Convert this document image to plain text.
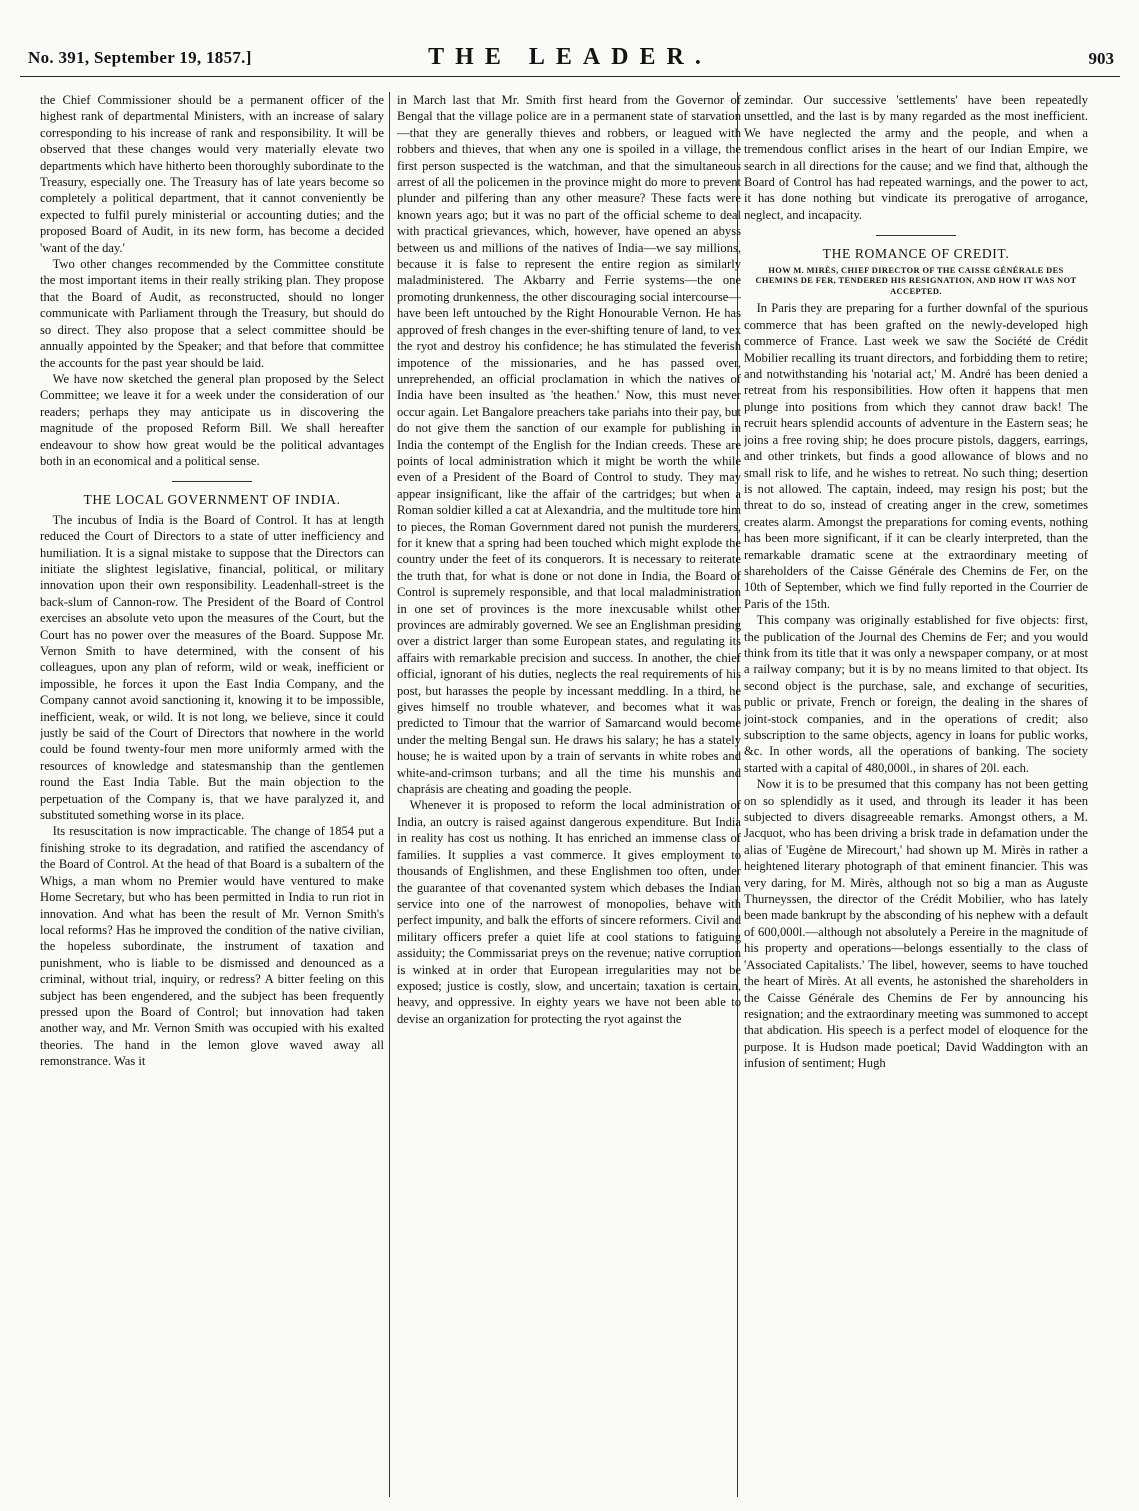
No. 391, September 19, 1857.]	THE LEADER.	903

the Chief Commissioner should be a permanent officer of the highest rank of departmental Ministers, with an increase of salary corresponding to his increase of rank and responsibility. It will be observed that these changes would very materially elevate two departments which have hitherto been thoroughly subordinate to the Treasury, especially one. The Treasury has of late years become so completely a political department, that it cannot conveniently be expected to fulfil purely ministerial or accounting duties; and the proposed Board of Audit, in its new form, has become a decided 'want of the day.'

Two other changes recommended by the Committee constitute the most important items in their really striking plan. They propose that the Board of Audit, as reconstructed, should no longer communicate with Parliament through the Treasury, but should do so direct. They also propose that a select committee should be annually appointed by the Speaker; and that before that committee the accounts for the past year should be laid.

We have now sketched the general plan proposed by the Select Committee; we leave it for a week under the consideration of our readers; perhaps they may anticipate us in discovering the magnitude of the proposed Reform Bill. We shall hereafter endeavour to show how great would be the political advantages both in an economical and a political sense.

THE LOCAL GOVERNMENT OF INDIA.

The incubus of India is the Board of Control. It has at length reduced the Court of Directors to a state of utter inefficiency and humiliation. It is a signal mistake to suppose that the Directors can initiate the slightest legislative, financial, political, or military innovation upon their own responsibility. Leadenhall-street is the back-slum of Cannon-row. The President of the Board of Control exercises an absolute veto upon the measures of the Court, but the Court has no power over the measures of the Board. Suppose Mr. Vernon Smith to have determined, with the consent of his colleagues, upon any plan of reform, wild or weak, inefficient or impossible, he forces it upon the East India Company, and the Company cannot avoid sanctioning it, knowing it to be impossible, inefficient, weak, or wild. It is not long, we believe, since it could justly be said of the Court of Directors that nowhere in the world could be found twenty-four men more uniformly armed with the resources of knowledge and statesmanship than the gentlemen round the East India Table. But the main objection to the perpetuation of the Company is, that we have paralyzed it, and substituted something worse in its place.

Its resuscitation is now impracticable. The change of 1854 put a finishing stroke to its degradation, and ratified the ascendancy of the Board of Control. At the head of that Board is a subaltern of the Whigs, a man whom no Premier would have ventured to make Home Secretary, but who has been permitted in India to run riot in innovation. And what has been the result of Mr. Vernon Smith's local reforms? Has he improved the condition of the native civilian, the hopeless subordinate, the instrument of taxation and punishment, who is liable to be dismissed and denounced as a criminal, without trial, inquiry, or redress? A bitter feeling on this subject has been engendered, and the subject has been frequently pressed upon the Board of Control; but innovation had taken another way, and Mr. Vernon Smith was occupied with his exalted theories. The hand in the lemon glove waved away all remonstrance. Was it

in March last that Mr. Smith first heard from the Governor of Bengal that the village police are in a permanent state of starvation—that they are generally thieves and robbers, or leagued with robbers and thieves, that when any one is spoiled in a village, the first person suspected is the watchman, and that the simultaneous arrest of all the policemen in the province might do more to prevent plunder and pilfering than any other measure? These facts were known years ago; but it was no part of the official scheme to deal with practical grievances, which, however, have opened an abyss between us and millions of the natives of India—we say millions, because it is false to represent the entire region as similarly maladministered. The Akbarry and Ferrie systems—the one promoting drunkenness, the other discouraging social intercourse—have been left untouched by the Right Honourable Vernon. He has approved of fresh changes in the ever-shifting tenure of land, to vex the ryot and destroy his confidence; he has stimulated the feverish impotence of the missionaries, and he has passed over, unreprehended, an official proclamation in which the natives of India have been insulted as 'the heathen.' Now, this must never occur again. Let Bangalore preachers take pariahs into their pay, but do not give them the sanction of our example for publishing in India the contempt of the English for the Indian creeds. These are points of local administration which it might be worth the while even of a President of the Board of Control to study. They may appear insignificant, like the affair of the cartridges; but when a Roman soldier killed a cat at Alexandria, and the multitude tore him to pieces, the Roman Government dared not punish the murderers, for it knew that a spring had been touched which might explode the country under the feet of its conquerors. It is necessary to reiterate the truth that, for what is done or not done in India, the Board of Control is supremely responsible, and that local maladministration in one set of provinces is the more inexcusable whilst other provinces are admirably governed. We see an Englishman presiding over a district larger than some European states, and regulating its affairs with remarkable precision and success. In another, the chief official, ignorant of his duties, neglects the real requirements of his post, but harasses the people by incessant meddling. In a third, he gives himself no trouble whatever, and becomes what it was predicted to Timour that the warrior of Samarcand would become under the melting Bengal sun. He draws his salary; he has a stately house; he is waited upon by a train of servants in white robes and white-and-crimson turbans; and all the time his munshis and chaprásis are cheating and goading the people.

Whenever it is proposed to reform the local administration of India, an outcry is raised against dangerous expenditure. But India in reality has cost us nothing. It has enriched an immense class of families. It supplies a vast commerce. It gives employment to thousands of Englishmen, and these Englishmen too often, under the guarantee of that covenanted system which debases the Indian service into one of the narrowest of monopolies, behave with perfect impunity, and balk the efforts of sincere reformers. Civil and military officers prefer a quiet life at cool stations to fatiguing assiduity; the Commissariat preys on the revenue; native corruption is winked at in order that European irregularities may not be exposed; justice is costly, slow, and uncertain; taxation is certain, heavy, and oppressive. In eighty years we have not been able to devise an organization for protecting the ryot against the

zemindar. Our successive 'settlements' have been repeatedly unsettled, and the last is by many regarded as the most inefficient. We have neglected the army and the people, and when a tremendous conflict arises in the heart of our Indian Empire, we search in all directions for the cause; and we find that, although the Board of Control has had repeated warnings, and the power to act, it has done nothing but vindicate its prerogative of arrogance, neglect, and incapacity.

THE ROMANCE OF CREDIT.
HOW M. MIRÈS, CHIEF DIRECTOR OF THE CAISSE GÉNÉRALE DES CHEMINS DE FER, TENDERED HIS RESIGNATION, AND HOW IT WAS NOT ACCEPTED.

In Paris they are preparing for a further downfal of the spurious commerce that has been grafted on the newly-developed high commerce of France. Last week we saw the Société de Crédit Mobilier recalling its truant directors, and forbidding them to retire; and notwithstanding his 'notarial act,' M. André has been denied a retreat from his responsibilities. How often it happens that men plunge into positions from which they cannot draw back! The recruit hears splendid accounts of adventure in the Eastern seas; he joins a free roving ship; he does procure pistols, daggers, earrings, and other trinkets, but finds a good allowance of blows and no small risk to life, and he wishes to retreat. No such thing; desertion is not allowed. The captain, indeed, may resign his post; but the threat to do so, instead of creating anger in the crew, sometimes creates alarm. Amongst the preparations for coming events, nothing has been more significant, if it can be clearly interpreted, than the remarkable dramatic scene at the extraordinary meeting of shareholders of the Caisse Générale des Chemins de Fer, on the 10th of September, which we find fully reported in the Courrier de Paris of the 15th.

This company was originally established for five objects: first, the publication of the Journal des Chemins de Fer; and you would think from its title that it was only a newspaper company, or at most a railway company; but it is by no means limited to that object. Its second object is the purchase, sale, and exchange of securities, public or private, French or foreign, the dealing in the shares of joint-stock companies, and in the operations of credit; also subscription to the same objects, agency in loans for public works, &c. In other words, all the operations of banking. The society started with a capital of 480,000l., in shares of 20l. each.

Now it is to be presumed that this company has not been getting on so splendidly as it used, and through its leader it has been subjected to divers disagreeable remarks. Amongst others, a M. Jacquot, who has been driving a brisk trade in defamation under the alias of 'Eugène de Mirecourt,' had shown up M. Mirès in rather a heightened literary photograph of that eminent financier. This was very daring, for M. Mirès, although not so big a man as Auguste Thurneyssen, the director of the Crédit Mobilier, who has lately been made bankrupt by the absconding of his nephew with a default of 600,000l.—although not absolutely a Pereire in the magnitude of his property and operations—belongs essentially to the class of 'Associated Capitalists.' The libel, however, seems to have touched the heart of Mirès. At all events, he astonished the shareholders in the Caisse Générale des Chemins de Fer by announcing his resignation; and the extraordinary meeting was summoned to accept that abdication. His speech is a perfect model of eloquence for the purpose. It is Hudson made poetical; David Waddington with an infusion of sentiment; Hugh
